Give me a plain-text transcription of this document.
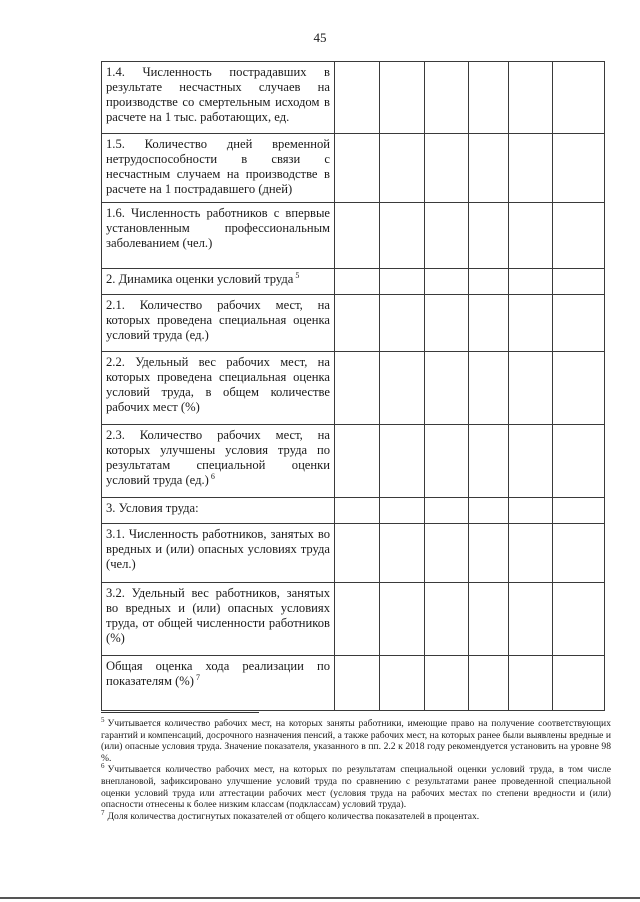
45
1.4. Численность пострадавших в результате несчастных случаев на производстве со смертельным исходом в расчете на 1 тыс. работающих, ед.						
1.5. Количество дней временной нетрудоспособности в связи с несчастным случаем на производстве в расчете на 1 пострадавшего (дней)						
1.6. Численность работников с впервые установленным профессиональным заболеванием (чел.)						
2. Динамика оценки условий труда $^5$						
2.1. Количество рабочих мест, на которых проведена специальная оценка условий труда (ед.)						
2.2. Удельный вес рабочих мест, на которых проведена специальная оценка условий труда, в общем количестве рабочих мест (%)						
2.3. Количество рабочих мест, на которых улучшены условия труда по результатам специальной оценки условий труда (ед.) $^6$						
3. Условия труда:						
3.1. Численность работников, занятых во вредных и (или) опасных условиях труда (чел.)						
3.2. Удельный вес работников, занятых во вредных и (или) опасных условиях труда, от общей численности работников (%)						
Общая оценка хода реализации по показателям (%) $^7$						

$^5$ Учитывается количество рабочих мест, на которых заняты работники, имеющие право на получение соответствующих гарантий и компенсаций, досрочного назначения пенсий, а также рабочих мест, на которых ранее были выявлены вредные и (или) опасные условия труда. Значение показателя, указанного в пп. 2.2 к 2018 году рекомендуется установить на уровне 98 %.

$^6$ Учитывается количество рабочих мест, на которых по результатам специальной оценки условий труда, в том числе внеплановой, зафиксировано улучшение условий труда по сравнению с результатами ранее проведенной специальной оценки условий труда или аттестации рабочих мест (условия труда на рабочих местах по степени вредности и (или) опасности отнесены к более низким классам (подклассам) условий труда).

$^7$ Доля количества достигнутых показателей от общего количества показателей в процентах.
